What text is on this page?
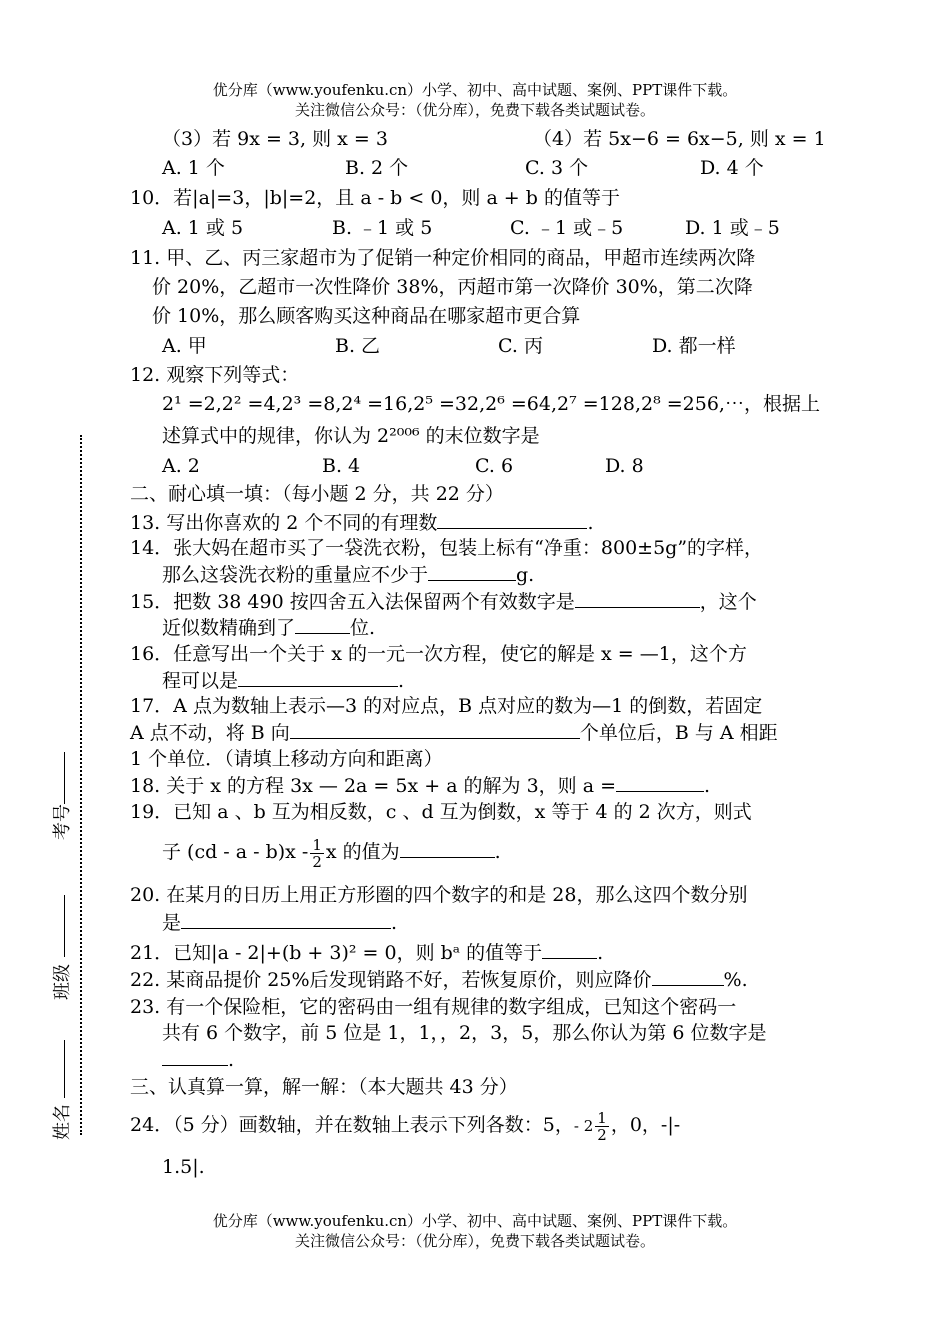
优分库（www.youfenku.cn）小学、初中、高中试题、案例、PPT课件下载。
关注微信公众号：（优分库），免费下载各类试题试卷。
考号
班级
姓名
（3）若 9x = 3, 则 x = 3	（4）若 5x−6 = 6x−5, 则 x = 1
A. 1 个	B. 2 个	C. 3 个	D. 4 个
10．若|a|=3，|b|=2，且 a - b < 0，则 a + b 的值等于
A. 1 或 5	B. ﹣1 或 5	C. ﹣1 或﹣5	D. 1 或﹣5
11. 甲、乙、丙三家超市为了促销一种定价相同的商品，甲超市连续两次降
价 20%，乙超市一次性降价 38%，丙超市第一次降价 30%，第二次降
价 10%，那么顾客购买这种商品在哪家超市更合算
A. 甲	B. 乙	C. 丙	D. 都一样
12. 观察下列等式：
2¹ =2,2² =4,2³ =8,2⁴ =16,2⁵ =32,2⁶ =64,2⁷ =128,2⁸ =256,⋯，根据上
述算式中的规律，你认为 2²⁰⁰⁶ 的末位数字是
A. 2	B. 4	C. 6	D. 8
二、耐心填一填：（每小题 2 分，共 22 分）
13. 写出你喜欢的 2 个不同的有理数	.
14．张大妈在超市买了一袋洗衣粉，包装上标有“净重：800±5g”的字样，
那么这袋洗衣粉的重量应不少于	g.
15．把数 38 490 按四舍五入法保留两个有效数字是	，这个
近似数精确到了	位.
16．任意写出一个关于 x 的一元一次方程，使它的解是 x = —1，这个方
程可以是	.
17．A 点为数轴上表示—3 的对应点，B 点对应的数为—1 的倒数，若固定
A 点不动，将 B 向	个单位后，B 与 A 相距
1 个单位．（请填上移动方向和距离）
18. 关于 x 的方程 3x — 2a = 5x + a 的解为 3，则 a =	.
19．已知 a 、b 互为相反数，c 、d 互为倒数，x 等于 4 的 2 次方，则式
子 (cd - a - $b)x - \frac{1}{2}$ x 的值为	.
20. 在某月的日历上用正方形圈的四个数字的和是 28，那么这四个数分别
是	.
21．已知|a - 2|+(b + 3)² = 0，则 bᵃ 的值等于	.
22. 某商品提价 25%后发现销路不好，若恢复原价，则应降价	%.
23. 有一个保险柜，它的密码由一组有规律的数字组成，已知这个密码一
共有 6 个数字，前 5 位是 1，1，，2，3，5，那么你认为第 6 位数字是
.
三、认真算一算，解一解：（本大题共 43 分）
24．（5 分）画数轴，并在数轴上表示下列各数：5，- $2 \frac{1}{2}$ ，0，-|-
1.5|.
优分库（www.youfenku.cn）小学、初中、高中试题、案例、PPT课件下载。
关注微信公众号：（优分库），免费下载各类试题试卷。
